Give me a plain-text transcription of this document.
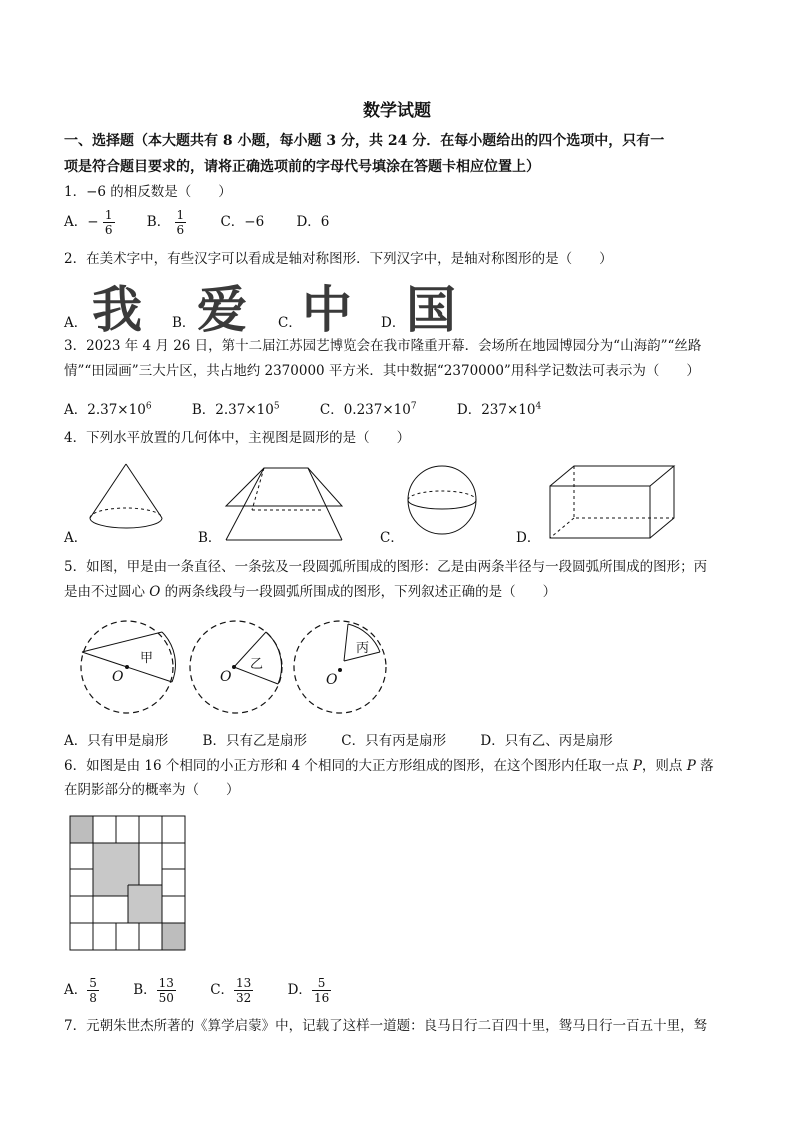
数学试题
一、选择题（本大题共有 8 小题，每小题 3 分，共 24 分．在每小题给出的四个选项中，只有一
项是符合题目要求的，请将正确选项前的字母代号填涂在答题卡相应位置上）
1．−6 的相反数是（　　）
A．− $\frac{1}{6}$ B． $\frac{1}{6}$	C．−6 D．6
2．在美术字中，有些汉字可以看成是轴对称图形．下列汉字中，是轴对称图形的是（　　）
我 爱 中 国
A．	B．	C．	D．
3．2023 年 4 月 26 日，第十二届江苏园艺博览会在我市隆重开幕．会场所在地园博园分为“山海韵”“丝路
情”“田园画”三大片区，共占地约 2370000 平方米．其中数据“2370000”用科学记数法可表示为（　　）
A．$2.37\times 10^6$	B．$2.37\times 10^5$	C．$0.237\times 10^7$	D．$237\times 10^4$
4．下列水平放置的几何体中，主视图是圆形的是（　　）
A．	B．	C．	D．
5．如图，甲是由一条直径、一条弦及一段圆弧所围成的图形：乙是由两条半径与一段圆弧所围成的图形；丙
是由不过圆心 O 的两条线段与一段圆弧所围成的图形，下列叙述正确的是（　　）
甲
O
乙
O
丙
O
A．只有甲是扇形	B．只有乙是扇形	C．只有丙是扇形	D．只有乙、丙是扇形
6．如图是由 16 个相同的小正方形和 4 个相同的大正方形组成的图形，在这个图形内任取一点 P，则点 P 落
在阴影部分的概率为（　　）
A． $\frac{5}{8}$	B． $\frac{13}{50}$	C． $\frac{13}{32}$	D． $\frac{5}{16}$
7．元朝朱世杰所著的《算学启蒙》中，记载了这样一道题：良马日行二百四十里，鸳马日行一百五十里，驽
